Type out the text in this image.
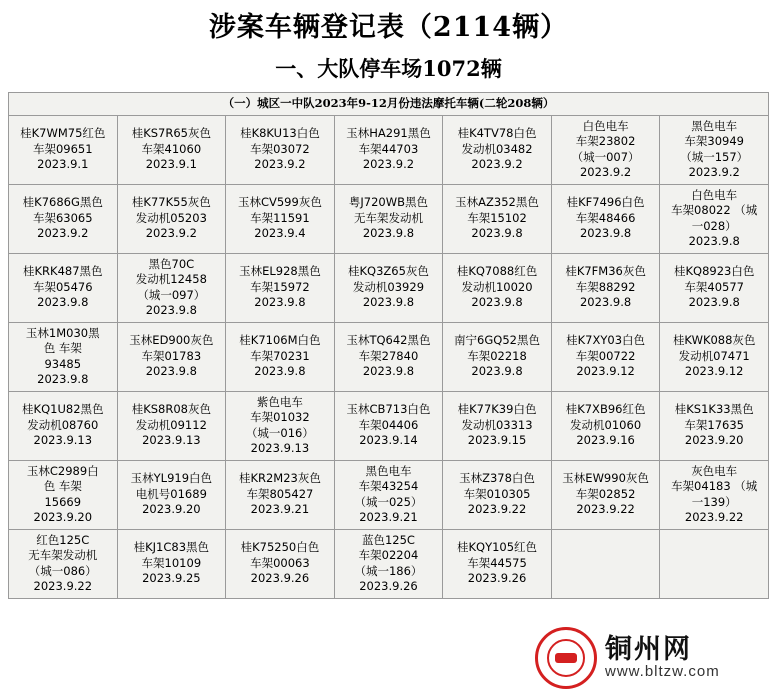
涉案车辆登记表（2114辆）
一、大队停车场1072辆
（一）城区一中队2023年9-12月份违法摩托车辆(二轮208辆）						

桂K7WM75红色
车架09651
2023.9.1	桂KS7R65灰色
车架41060
2023.9.1	桂K8KU13白色
车架03072
2023.9.2	玉林HA291黑色
车架44703
2023.9.2	桂K4TV78白色
发动机03482
2023.9.2	白色电车
车架23802
（城一007）
2023.9.2	黑色电车
车架30949
（城一157）
2023.9.2

桂K7686G黑色
车架63065
2023.9.2	桂K77K55灰色
发动机05203
2023.9.2	玉林CV599灰色
车架11591
2023.9.4	粤J720WB黑色
无车架发动机
2023.9.8	玉林AZ352黑色
车架15102
2023.9.8	桂KF7496白色
车架48466
2023.9.8	白色电车
车架08022 （城
一028）
2023.9.8

桂KRK487黑色
车架05476
2023.9.8	黑色70C
发动机12458
（城一097）
2023.9.8	玉林EL928黑色
车架15972
2023.9.8	桂KQ3Z65灰色
发动机03929
2023.9.8	桂KQ7088红色
发动机10020
2023.9.8	桂K7FM36灰色
车架88292
2023.9.8	桂KQ8923白色
车架40577
2023.9.8

玉林1M030黑
色 车架
93485
2023.9.8	玉林ED900灰色
车架01783
2023.9.8	桂K7106M白色
车架70231
2023.9.8	玉林TQ642黑色
车架27840
2023.9.8	南宁6GQ52黑色
车架02218
2023.9.8	桂K7XY03白色
车架00722
2023.9.12	桂KWK088灰色
发动机07471
2023.9.12

桂KQ1U82黑色
发动机08760
2023.9.13	桂KS8R08灰色
发动机09112
2023.9.13	紫色电车
车架01032
（城一016）
2023.9.13	玉林CB713白色
车架04406
2023.9.14	桂K77K39白色
发动机03313
2023.9.15	桂K7XB96红色
发动机01060
2023.9.16	桂KS1K33黑色
车架17635
2023.9.20

玉林C2989白
色 车架
15669
2023.9.20	玉林YL919白色
电机号01689
2023.9.20	桂KR2M23灰色
车架805427
2023.9.21	黑色电车
车架43254
（城一025）
2023.9.21	玉林Z378白色
车架010305
2023.9.22	玉林EW990灰色
车架02852
2023.9.22	灰色电车
车架04183 （城
一139）
2023.9.22

红色125C
无车架发动机
（城一086）
2023.9.22	桂KJ1C83黑色
车架10109
2023.9.25	桂K75250白色
车架00063
2023.9.26	蓝色125C
车架02204
（城一186）
2023.9.26	桂KQY105红色
车架44575
2023.9.26		

铜州网
www.bltzw.com
